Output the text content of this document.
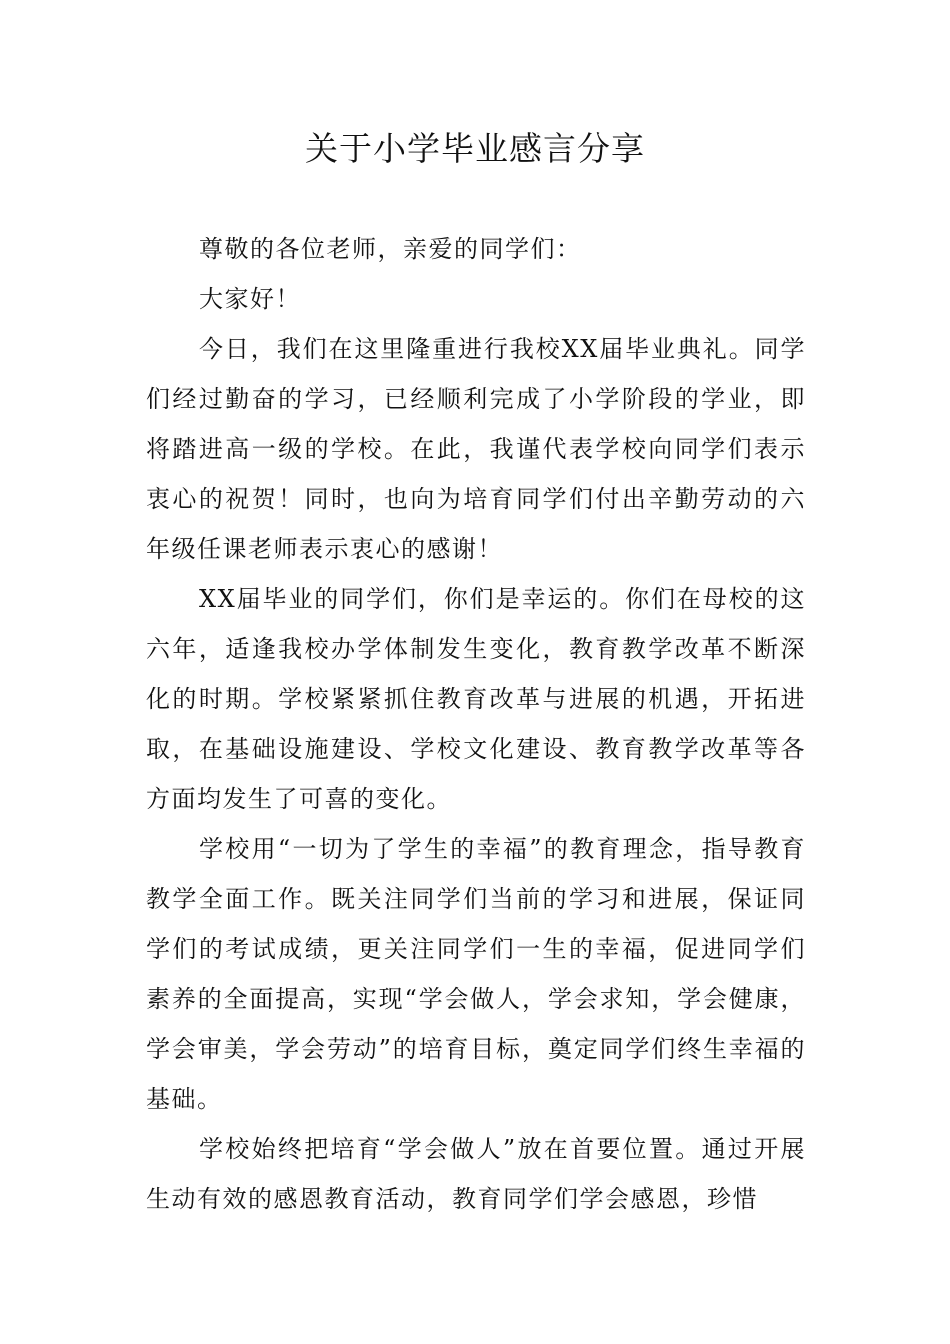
关于小学毕业感言分享

尊敬的各位老师，亲爱的同学们：

大家好！

今日，我们在这里隆重进行我校XX届毕业典礼。同学们经过勤奋的学习，已经顺利完成了小学阶段的学业，即将踏进高一级的学校。在此，我谨代表学校向同学们表示衷心的祝贺！同时，也向为培育同学们付出辛勤劳动的六年级任课老师表示衷心的感谢！

XX届毕业的同学们，你们是幸运的。你们在母校的这六年，适逢我校办学体制发生变化，教育教学改革不断深化的时期。学校紧紧抓住教育改革与进展的机遇，开拓进取，在基础设施建设、学校文化建设、教育教学改革等各方面均发生了可喜的变化。

学校用“一切为了学生的幸福”的教育理念，指导教育教学全面工作。既关注同学们当前的学习和进展，保证同学们的考试成绩，更关注同学们一生的幸福，促进同学们素养的全面提高，实现“学会做人，学会求知，学会健康，学会审美，学会劳动”的培育目标，奠定同学们终生幸福的基础。

学校始终把培育“学会做人”放在首要位置。通过开展生动有效的感恩教育活动，教育同学们学会感恩，珍惜
